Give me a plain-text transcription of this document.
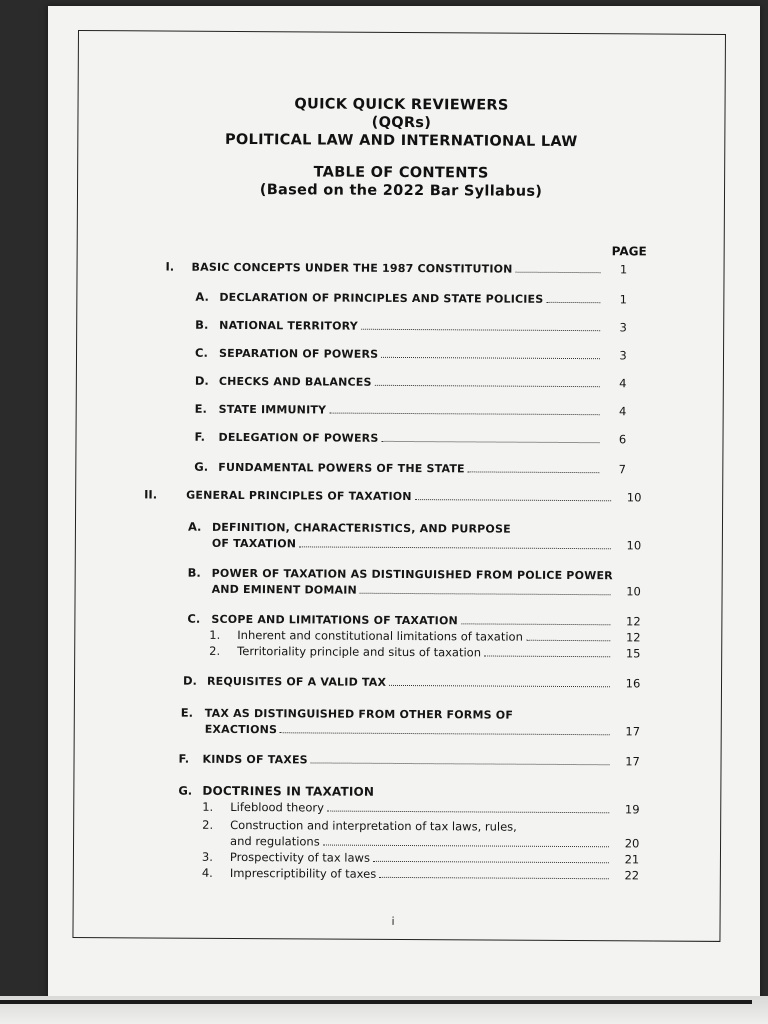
QUICK QUICK REVIEWERS
(QQRs)
POLITICAL LAW AND INTERNATIONAL LAW
TABLE OF CONTENTS
(Based on the 2022 Bar Syllabus)
PAGE
I.	BASIC CONCEPTS UNDER THE 1987 CONSTITUTION	1
A. DECLARATION OF PRINCIPLES AND STATE POLICIES	1
B. NATIONAL TERRITORY	3
C.	SEPARATION OF POWERS	3
D. CHECKS AND BALANCES	4
E.	STATE IMMUNITY	4
F.	DELEGATION OF POWERS	6
G. FUNDAMENTAL POWERS OF THE STATE	7
II.	GENERAL PRINCIPLES OF TAXATION	10
A. DEFINITION, CHARACTERISTICS, AND PURPOSE
OF TAXATION	10
B. POWER OF TAXATION AS DISTINGUISHED FROM POLICE POWER
AND EMINENT DOMAIN	10
C.	SCOPE AND LIMITATIONS OF TAXATION	12
1.	Inherent and constitutional limitations of taxation	12
2.	Territoriality principle and situs of taxation	15
D. REQUISITES OF A VALID TAX	16
E.	TAX AS DISTINGUISHED FROM OTHER FORMS OF
EXACTIONS	17
F.	KINDS OF TAXES	17
G. DOCTRINES IN TAXATION
1.	Lifeblood theory	19
2.	Construction and interpretation of tax laws, rules,
and regulations	20
3.	Prospectivity of tax laws	21
4.	Imprescriptibility of taxes	22
i
